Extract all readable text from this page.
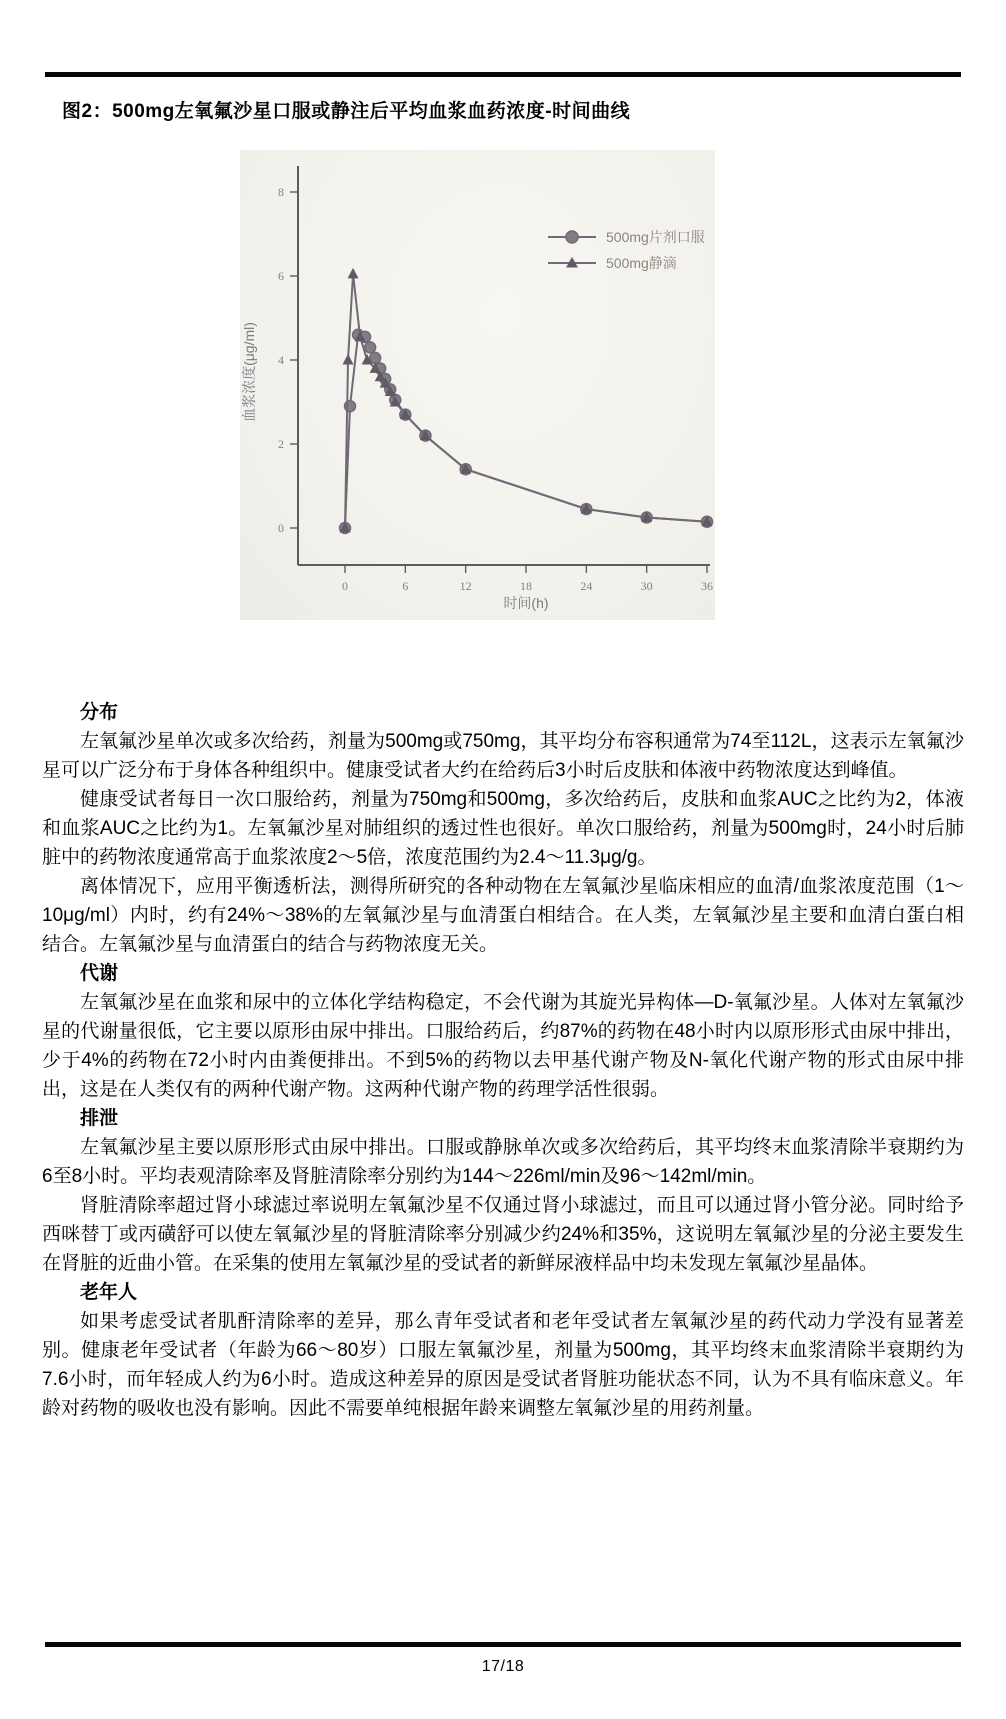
图2：500mg左氧氟沙星口服或静注后平均血浆血药浓度-时间曲线
0	6	12	18	24	30	36
0
2
4
6
8
血浆浓度(μg/ml)
时间(h)
500mg片剂口服
500mg静滴
分布

左氧氟沙星单次或多次给药，剂量为500mg或750mg，其平均分布容积通常为74至112L，这表示左氧氟沙星可以广泛分布于身体各种组织中。健康受试者大约在给药后3小时后皮肤和体液中药物浓度达到峰值。

健康受试者每日一次口服给药，剂量为750mg和500mg，多次给药后，皮肤和血浆AUC之比约为2，体液和血浆AUC之比约为1。左氧氟沙星对肺组织的透过性也很好。单次口服给药，剂量为500mg时，24小时后肺脏中的药物浓度通常高于血浆浓度2～5倍，浓度范围约为2.4～11.3μg/g。

离体情况下，应用平衡透析法，测得所研究的各种动物在左氧氟沙星临床相应的血清/血浆浓度范围（1～10μg/ml）内时，约有24%～38%的左氧氟沙星与血清蛋白相结合。在人类，左氧氟沙星主要和血清白蛋白相结合。左氧氟沙星与血清蛋白的结合与药物浓度无关。

代谢

左氧氟沙星在血浆和尿中的立体化学结构稳定，不会代谢为其旋光异构体—D-氧氟沙星。人体对左氧氟沙星的代谢量很低，它主要以原形由尿中排出。口服给药后，约87%的药物在48小时内以原形形式由尿中排出，少于4%的药物在72小时内由粪便排出。不到5%的药物以去甲基代谢产物及N-氧化代谢产物的形式由尿中排出，这是在人类仅有的两种代谢产物。这两种代谢产物的药理学活性很弱。

排泄

左氧氟沙星主要以原形形式由尿中排出。口服或静脉单次或多次给药后，其平均终末血浆清除半衰期约为6至8小时。平均表观清除率及肾脏清除率分别约为144～226ml/min及96～142ml/min。

肾脏清除率超过肾小球滤过率说明左氧氟沙星不仅通过肾小球滤过，而且可以通过肾小管分泌。同时给予西咪替丁或丙磺舒可以使左氧氟沙星的肾脏清除率分别减少约24%和35%，这说明左氧氟沙星的分泌主要发生在肾脏的近曲小管。在采集的使用左氧氟沙星的受试者的新鲜尿液样品中均未发现左氧氟沙星晶体。

老年人

如果考虑受试者肌酐清除率的差异，那么青年受试者和老年受试者左氧氟沙星的药代动力学没有显著差别。健康老年受试者（年龄为66～80岁）口服左氧氟沙星，剂量为500mg，其平均终末血浆清除半衰期约为7.6小时，而年轻成人约为6小时。造成这种差异的原因是受试者肾脏功能状态不同，认为不具有临床意义。年龄对药物的吸收也没有影响。因此不需要单纯根据年龄来调整左氧氟沙星的用药剂量。

17/18
